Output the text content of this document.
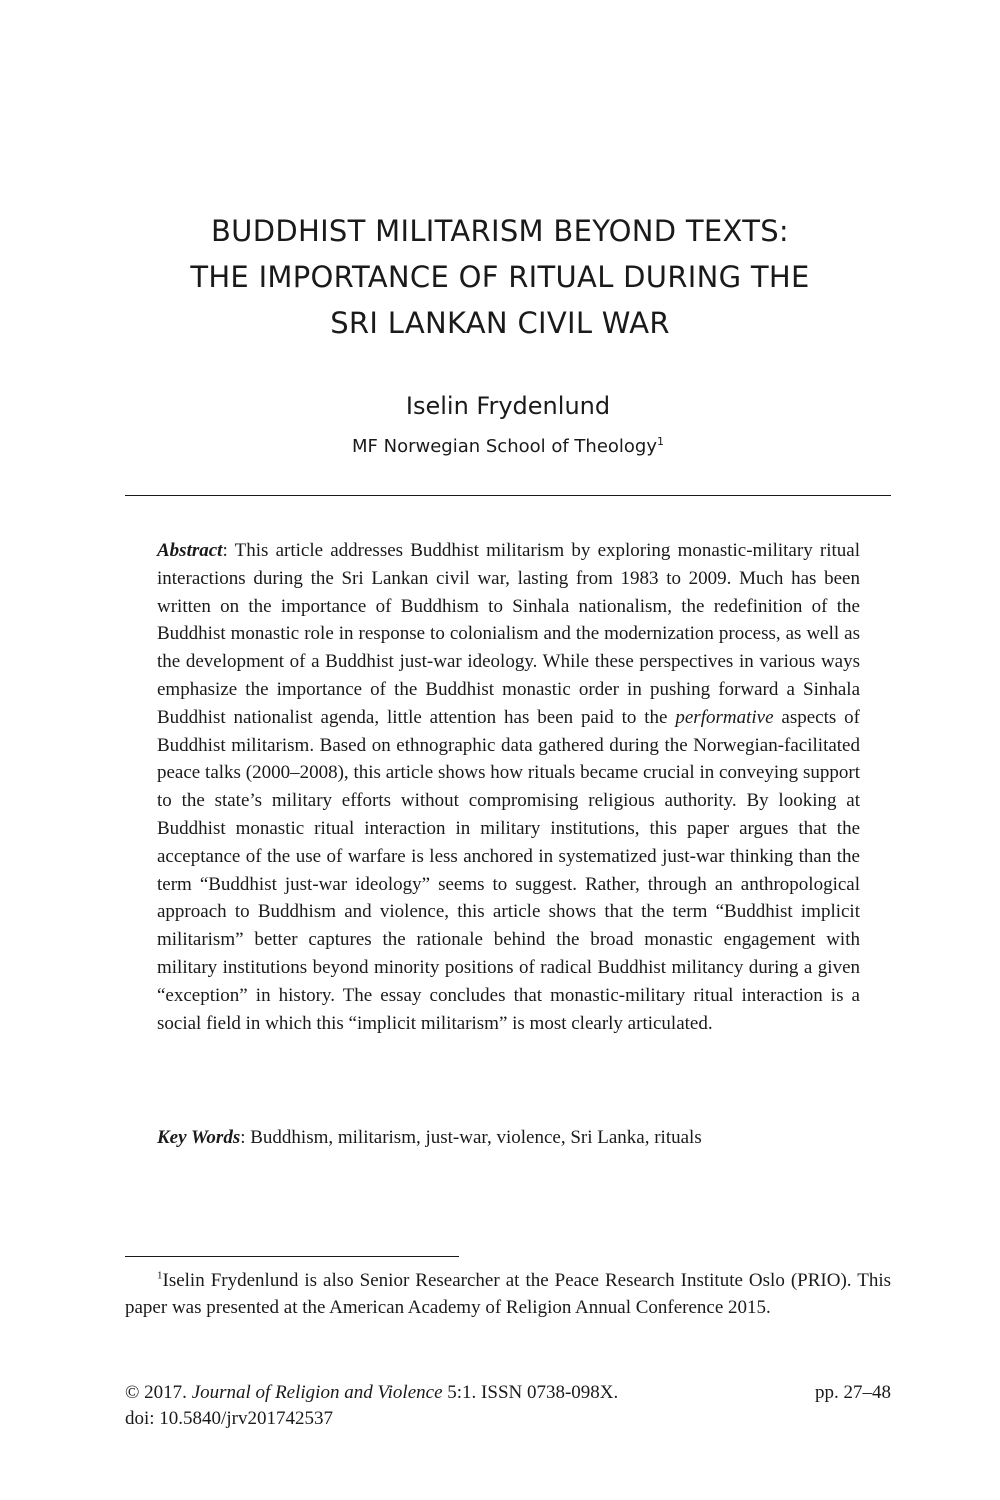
BUDDHIST MILITARISM BEYOND TEXTS:
THE IMPORTANCE OF RITUAL DURING THE
SRI LANKAN CIVIL WAR
Iselin Frydenlund
MF Norwegian School of Theology$^1$
Abstract: This article addresses Buddhist militarism by exploring monastic-military ritual interactions during the Sri Lankan civil war, lasting from 1983 to 2009. Much has been written on the importance of Buddhism to Sinhala nationalism, the redefinition of the Buddhist monastic role in response to colonialism and the modernization process, as well as the development of a Buddhist just-war ideology. While these perspectives in various ways emphasize the importance of the Buddhist monastic order in pushing forward a Sinhala Buddhist nationalist agenda, little attention has been paid to the performative aspects of Buddhist militarism. Based on ethnographic data gathered during the Norwegian-facilitated peace talks (2000–2008), this article shows how rituals became crucial in conveying support to the state’s military efforts without compromising religious authority. By looking at Buddhist monastic ritual interaction in military institutions, this paper argues that the acceptance of the use of warfare is less anchored in systematized just-war thinking than the term “Buddhist just-war ideology” seems to suggest. Rather, through an anthropological approach to Buddhism and violence, this article shows that the term “Buddhist implicit militarism” better captures the rationale behind the broad monastic engagement with military institutions beyond minority positions of radical Buddhist militancy during a given “exception” in history. The essay concludes that monastic-military ritual interaction is a social field in which this “implicit militarism” is most clearly articulated.
Key Words: Buddhism, militarism, just-war, violence, Sri Lanka, rituals
$^1$Iselin Frydenlund is also Senior Researcher at the Peace Research Institute Oslo (PRIO). This paper was presented at the American Academy of Religion Annual Conference 2015.
© 2017. Journal of Religion and Violence 5:1. ISSN 0738-098X.	pp. 27–48
doi: 10.5840/jrv201742537
